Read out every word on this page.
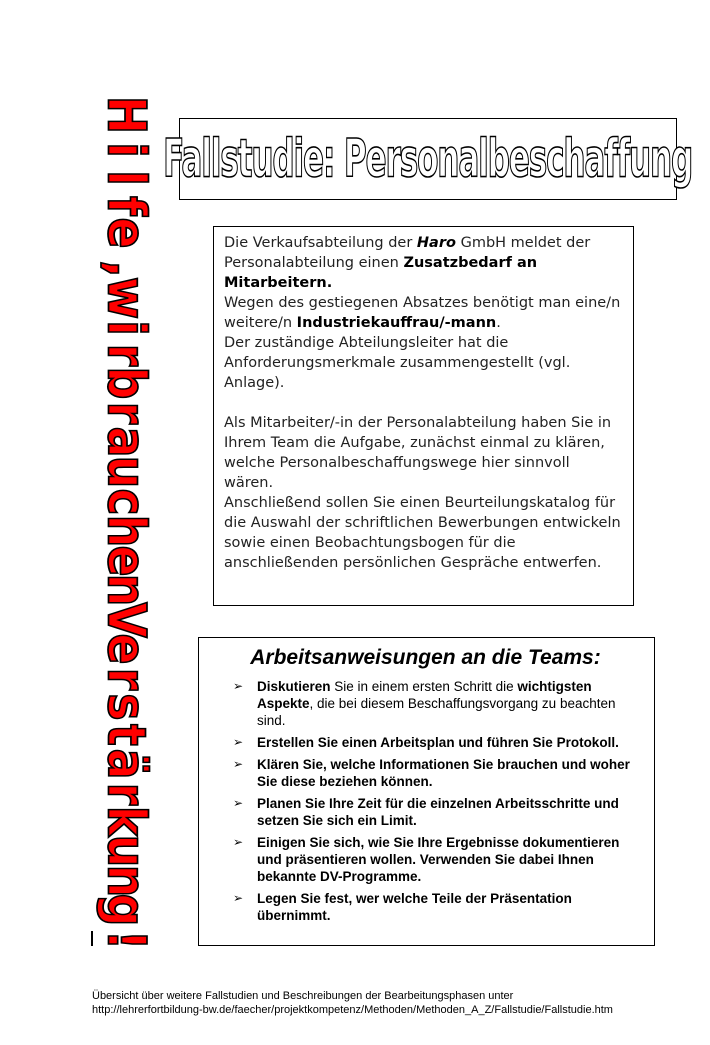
H
i
l
f
e
,
w
i
r
b
r
a
u
c
h
e
n
V
e
r
s
t
ä
r
k
u
n
g
!
Fallstudie: Personalbeschaffung

Die Verkaufsabteilung der Haro GmbH meldet der Personalabteilung einen Zusatzbedarf an Mitarbeitern.

Wegen des gestiegenen Absatzes benötigt man eine/n weitere/n Industriekauffrau/-mann.

Der zuständige Abteilungsleiter hat die Anforderungsmerkmale zusammengestellt (vgl. Anlage).

Als Mitarbeiter/-in der Personalabteilung haben Sie in Ihrem Team die Aufgabe, zunächst einmal zu klären, welche Personalbeschaffungswege hier sinnvoll wären.

Anschließend sollen Sie einen Beurteilungskatalog für die Auswahl der schriftlichen Bewerbungen entwickeln sowie einen Beobachtungsbogen für die anschließenden persönlichen Gespräche entwerfen.

Arbeitsanweisungen an die Teams:
➢ Diskutieren Sie in einem ersten Schritt die wichtigsten Aspekte, die bei diesem Beschaffungsvorgang zu beachten sind.
➢ Erstellen Sie einen Arbeitsplan und führen Sie Protokoll.
➢ Klären Sie, welche Informationen Sie brauchen und woher Sie diese beziehen können.
➢ Planen Sie Ihre Zeit für die einzelnen Arbeitsschritte und setzen Sie sich ein Limit.
➢ Einigen Sie sich, wie Sie Ihre Ergebnisse dokumentieren und präsentieren wollen. Verwenden Sie dabei Ihnen bekannte DV-Programme.
➢ Legen Sie fest, wer welche Teile der Präsentation übernimmt.
Übersicht über weitere Fallstudien und Beschreibungen der Bearbeitungsphasen unter
http://lehrerfortbildung-bw.de/faecher/projektkompetenz/Methoden/Methoden_A_Z/Fallstudie/Fallstudie.htm
